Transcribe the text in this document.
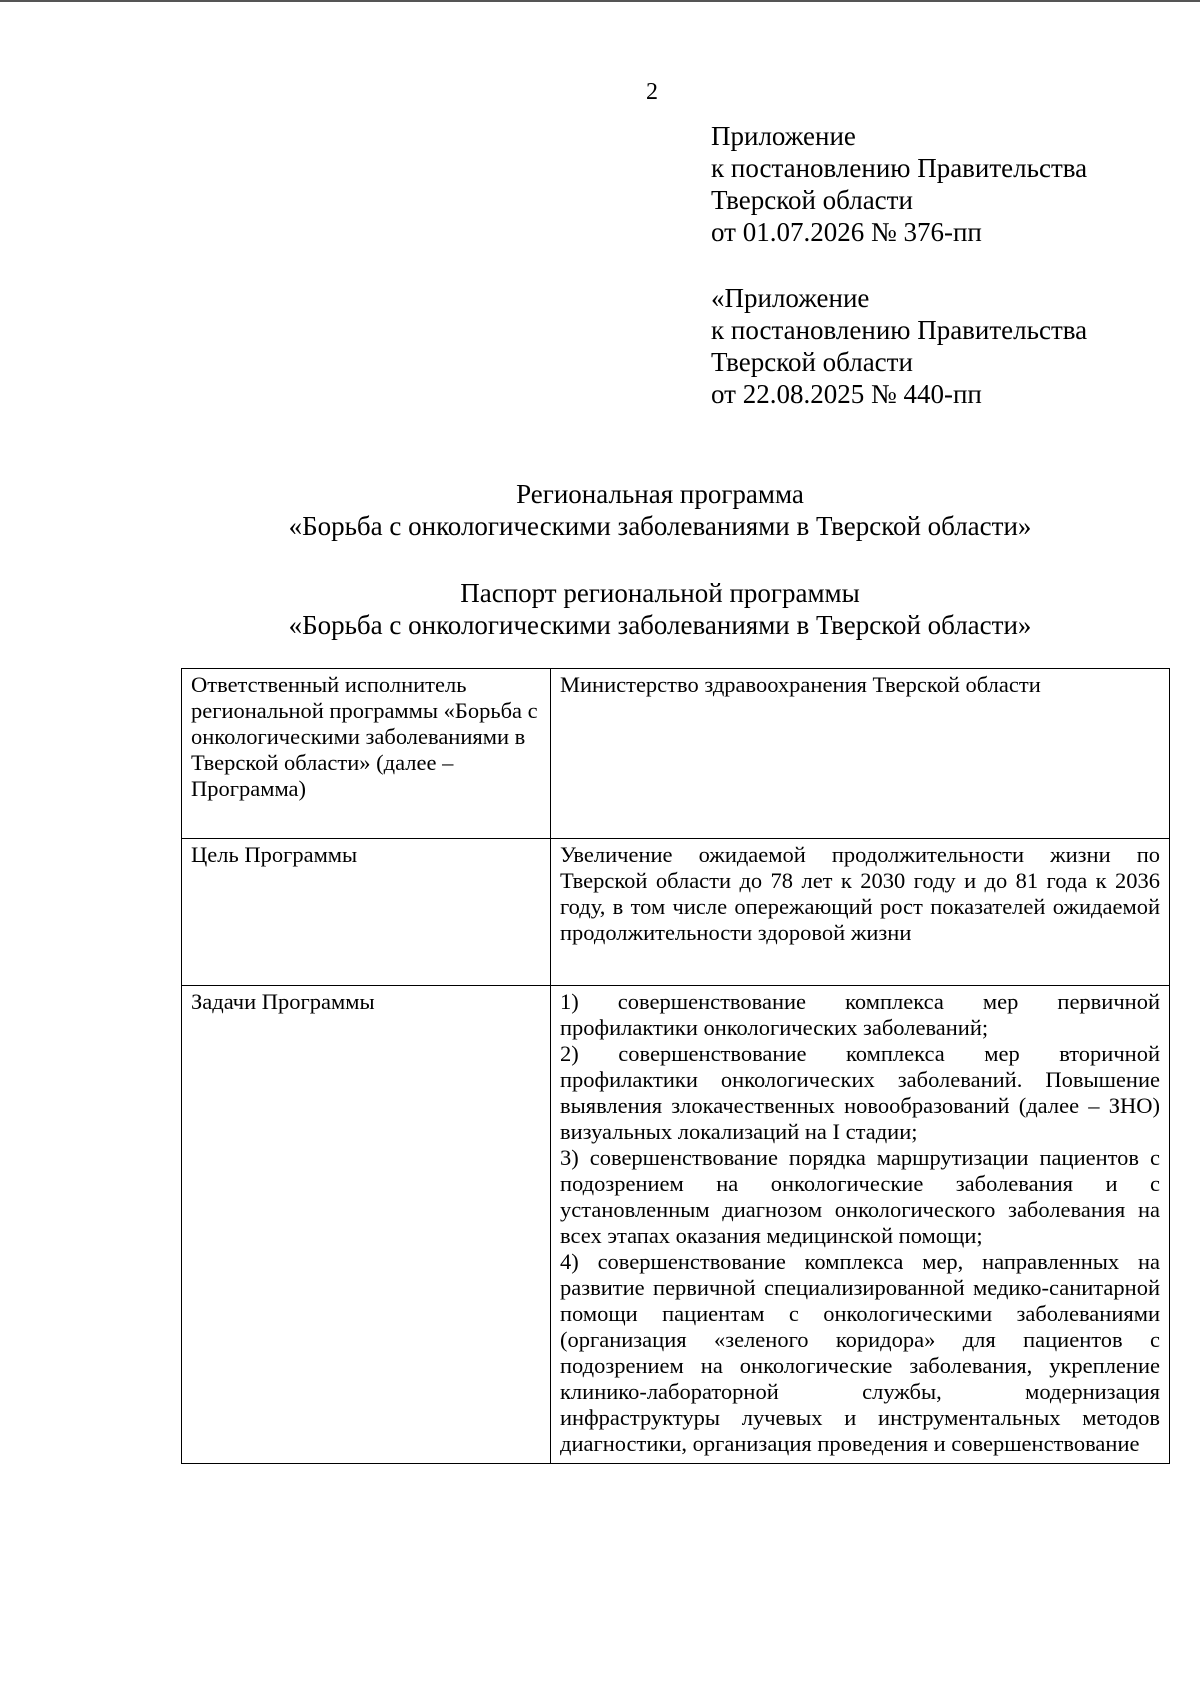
2
Приложение
к постановлению Правительства
Тверской области
от 01.07.2026 № 376-пп
«Приложение
к постановлению Правительства
Тверской области
от 22.08.2025 № 440-пп
Региональная программа
«Борьба с онкологическими заболеваниями в Тверской области»
Паспорт региональной программы
«Борьба с онкологическими заболеваниями в Тверской области»
Ответственный исполнитель региональной программы «Борьба с онкологическими заболеваниями в Тверской области» (далее – Программа)	Министерство здравоохранения Тверской области
Цель Программы	Увеличение ожидаемой продолжительности жизни по Тверской области до 78 лет к 2030 году и до 81 года к 2036 году, в том числе опережающий рост показателей ожидаемой продолжительности здоровой жизни
Задачи Программы	1) совершенствование комплекса мер первичной профилактики онкологических заболеваний;
2) совершенствование комплекса мер вторичной профилактики онкологических заболеваний. Повышение выявления злокачественных новообразований (далее – ЗНО) визуальных локализаций на I стадии;
3) совершенствование порядка маршрутизации пациентов с подозрением на онкологические заболевания и с установленным диагнозом онкологического заболевания на всех этапах оказания медицинской помощи;
4) совершенствование комплекса мер, направленных на развитие первичной специализированной медико-санитарной помощи пациентам с онкологическими заболеваниями (организация «зеленого коридора» для пациентов с подозрением на онкологические заболевания, укрепление клинико-лабораторной службы, модернизация инфраструктуры лучевых и инструментальных методов диагностики, организация проведения и совершенствование
